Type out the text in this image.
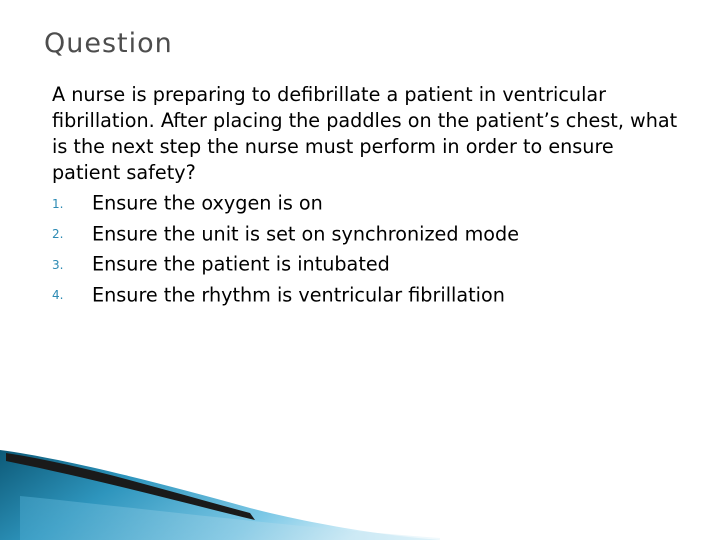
Question

A nurse is preparing to defibrillate a patient in ventricular fibrillation. After placing the paddles on the patient’s chest, what is the next step the nurse must perform in order to ensure patient safety?

1. Ensure the oxygen is on
2. Ensure the unit is set on synchronized mode
3. Ensure the patient is intubated
4. Ensure the rhythm is ventricular fibrillation
